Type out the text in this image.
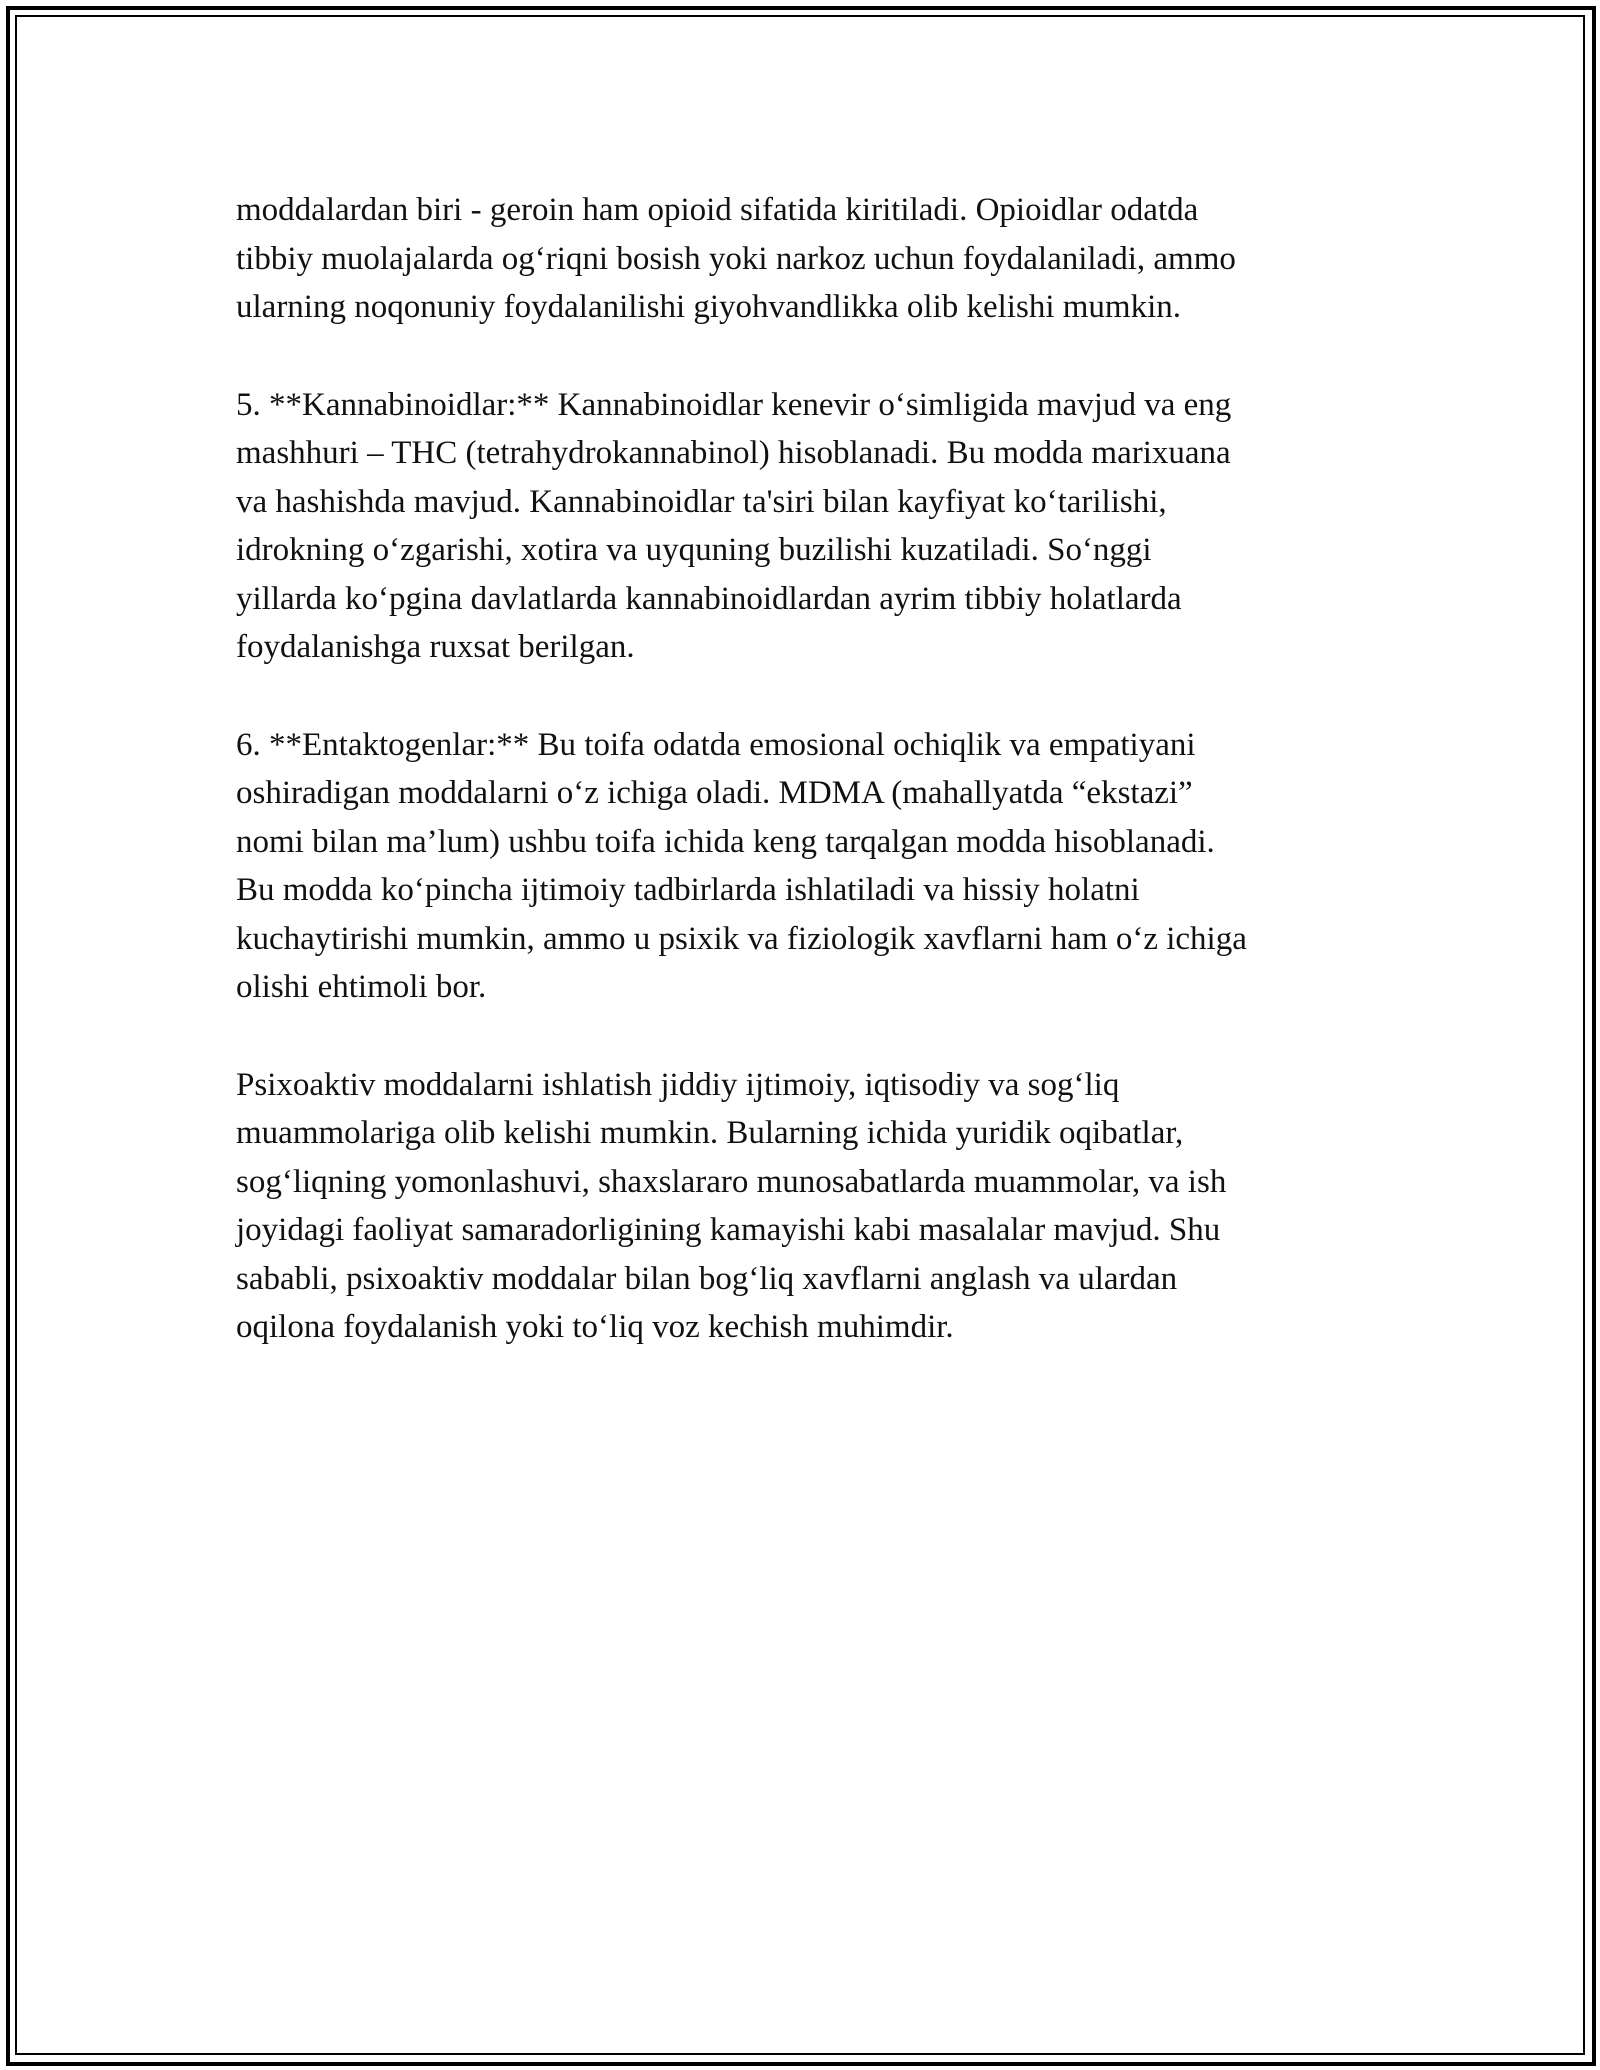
moddalardan biri - geroin ham opioid sifatida kiritiladi. Opioidlar odatda
tibbiy muolajalarda og‘riqni bosish yoki narkoz uchun foydalaniladi, ammo
ularning noqonuniy foydalanilishi giyohvandlikka olib kelishi mumkin.

5. **Kannabinoidlar:** Kannabinoidlar kenevir o‘simligida mavjud va eng
mashhuri – THC (tetrahydrokannabinol) hisoblanadi. Bu modda marixuana
va hashishda mavjud. Kannabinoidlar ta'siri bilan kayfiyat ko‘tarilishi,
idrokning o‘zgarishi, xotira va uyquning buzilishi kuzatiladi. So‘nggi
yillarda ko‘pgina davlatlarda kannabinoidlardan ayrim tibbiy holatlarda
foydalanishga ruxsat berilgan.

6. **Entaktogenlar:** Bu toifa odatda emosional ochiqlik va empatiyani
oshiradigan moddalarni o‘z ichiga oladi. MDMA (mahallyatda “ekstazi”
nomi bilan ma’lum) ushbu toifa ichida keng tarqalgan modda hisoblanadi.
Bu modda ko‘pincha ijtimoiy tadbirlarda ishlatiladi va hissiy holatni
kuchaytirishi mumkin, ammo u psixik va fiziologik xavflarni ham o‘z ichiga
olishi ehtimoli bor.

Psixoaktiv moddalarni ishlatish jiddiy ijtimoiy, iqtisodiy va sog‘liq
muammolariga olib kelishi mumkin. Bularning ichida yuridik oqibatlar,
sog‘liqning yomonlashuvi, shaxslararo munosabatlarda muammolar, va ish
joyidagi faoliyat samaradorligining kamayishi kabi masalalar mavjud. Shu
sababli, psixoaktiv moddalar bilan bog‘liq xavflarni anglash va ulardan
oqilona foydalanish yoki to‘liq voz kechish muhimdir.
